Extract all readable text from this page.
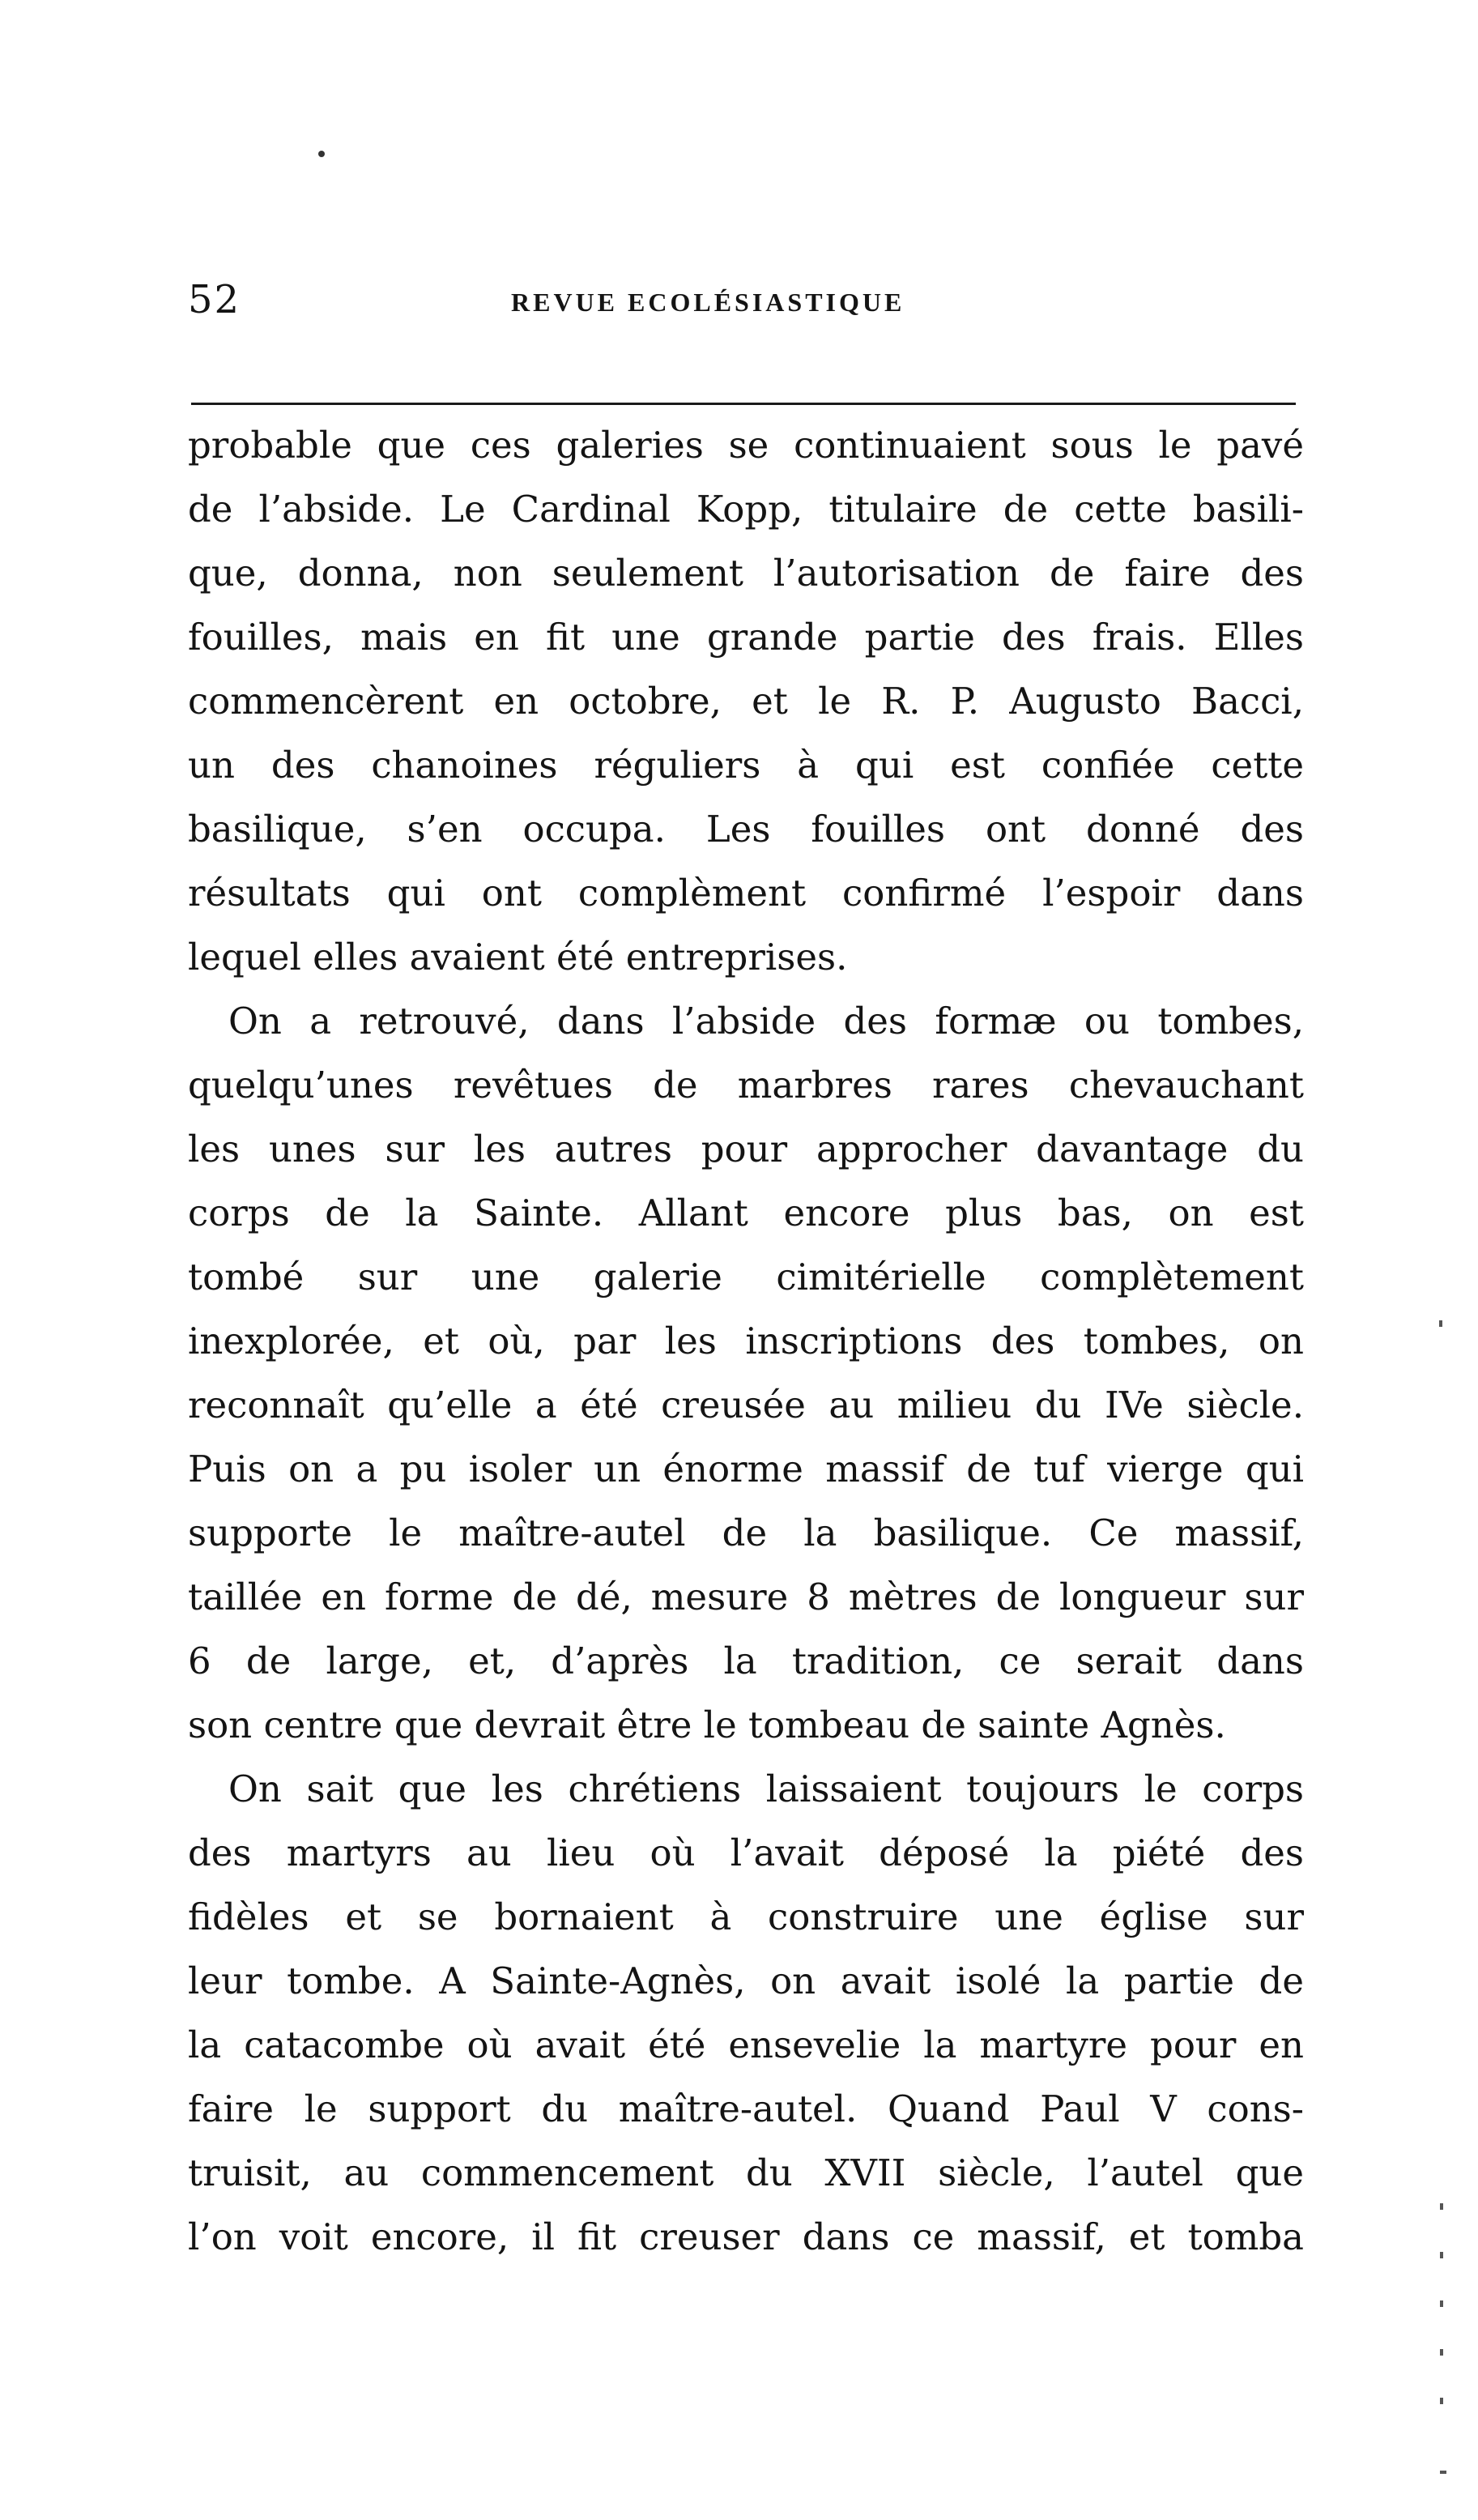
52	REVUE ECOLÉSIASTIQUE
probable que ces galeries se continuaient sous le pavé
de l’abside. Le Cardinal Kopp, titulaire de cette basili-
que, donna, non seulement l’autorisation de faire des
fouilles, mais en fit une grande partie des frais. Elles
commencèrent en octobre, et le R. P. Augusto Bacci,
un des chanoines réguliers à qui est confiée cette
basilique, s’en occupa. Les fouilles ont donné des
résultats qui ont complèment confirmé l’espoir dans
lequel elles avaient été entreprises.
On a retrouvé, dans l’abside des formæ ou tombes,
quelqu’unes revêtues de marbres rares chevauchant
les unes sur les autres pour approcher davantage du
corps de la Sainte. Allant encore plus bas, on est
tombé sur une galerie cimitérielle complètement
inexplorée, et où, par les inscriptions des tombes, on
reconnaît qu’elle a été creusée au milieu du IVe siècle.
Puis on a pu isoler un énorme massif de tuf vierge qui
supporte le maître-autel de la basilique. Ce massif,
taillée en forme de dé, mesure 8 mètres de longueur sur
6 de large, et, d’après la tradition, ce serait dans
son centre que devrait être le tombeau de sainte Agnès.
On sait que les chrétiens laissaient toujours le corps
des martyrs au lieu où l’avait déposé la piété des
fidèles et se bornaient à construire une église sur
leur tombe. A Sainte-Agnès, on avait isolé la partie de
la catacombe où avait été ensevelie la martyre pour en
faire le support du maître-autel. Quand Paul V cons-
truisit, au commencement du XVII siècle, l’autel que
l’on voit encore, il fit creuser dans ce massif, et tomba
